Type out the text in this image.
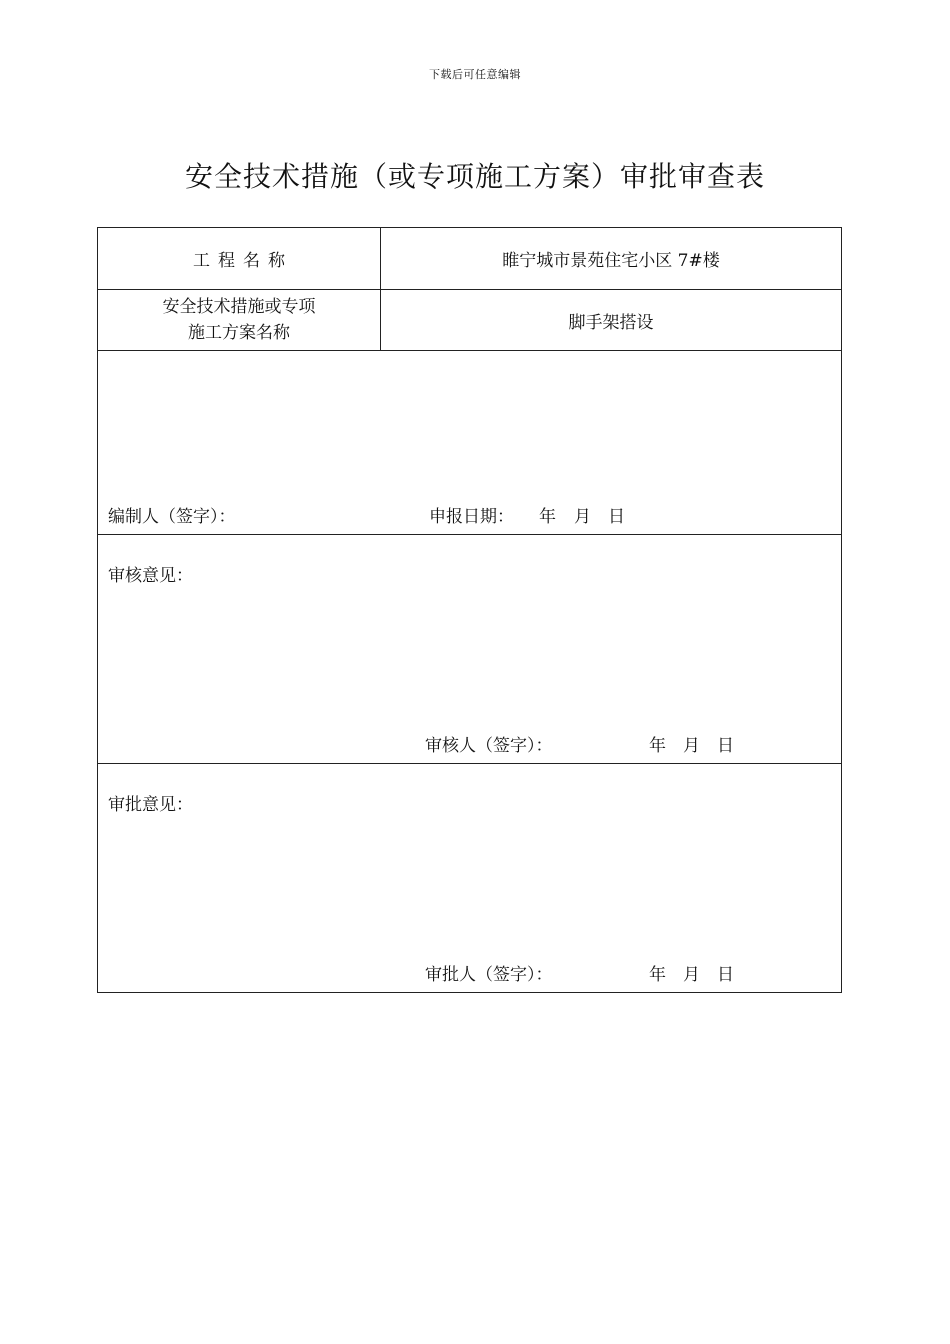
下载后可任意编辑
安全技术措施（或专项施工方案）审批审查表
工程名称	睢宁城市景苑住宅小区 7#楼

安全技术措施或专项
施工方案名称	脚手架搭设

编制人（签字）： 申报日期： 年 月 日	

审核意见：
审核人（签字）： 年 月 日	

审批意见：
审批人（签字）： 年 月 日	
